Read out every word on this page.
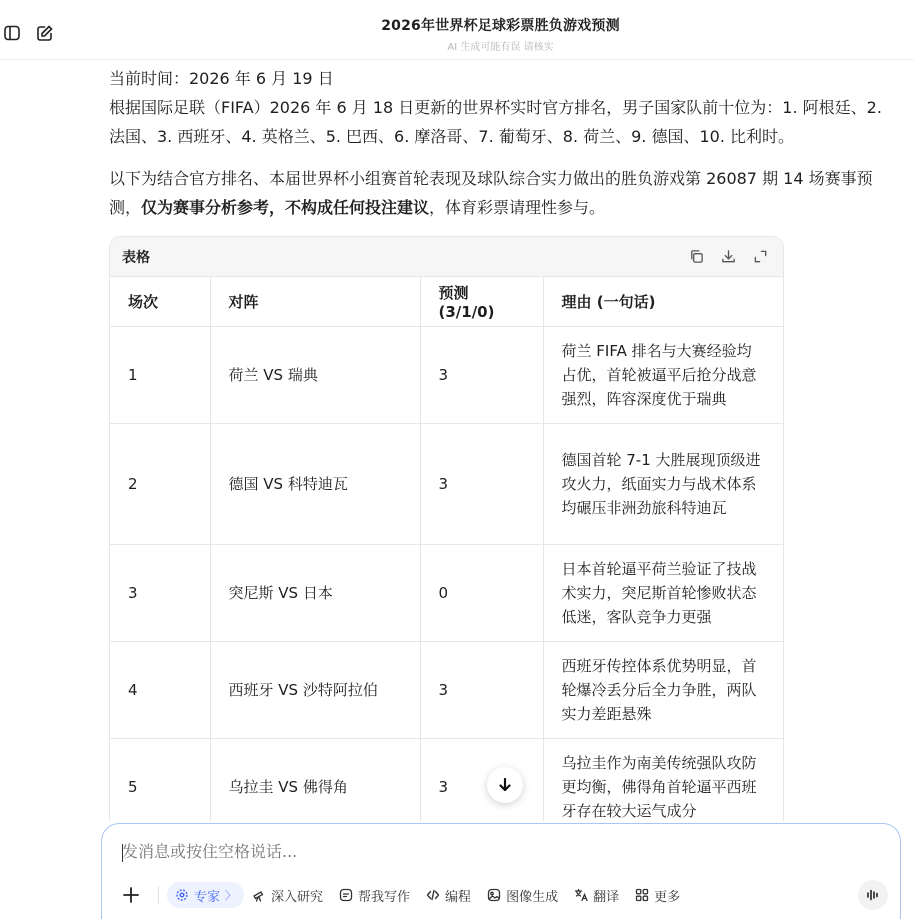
2026年世界杯足球彩票胜负游戏预测
AI 生成可能有误 请核实

当前时间：2026 年 6 月 19 日

根据国际足联（FIFA）2026 年 6 月 18 日更新的世界杯实时官方排名，男子国家队前十位为：1. 阿根廷、2. 法国、3. 西班牙、4. 英格兰、5. 巴西、6. 摩洛哥、7. 葡萄牙、8. 荷兰、9. 德国、10. 比利时。

以下为结合官方排名、本届世界杯小组赛首轮表现及球队综合实力做出的胜负游戏第 26087 期 14 场赛事预测，仅为赛事分析参考，不构成任何投注建议，体育彩票请理性参与。

表格
场次	对阵	预测 (3/1/0)	理由 (一句话)
1	荷兰 VS 瑞典	3	荷兰 FIFA 排名与大赛经验均占优，首轮被逼平后抢分战意强烈，阵容深度优于瑞典
2	德国 VS 科特迪瓦	3	德国首轮 7-1 大胜展现顶级进攻火力，纸面实力与战术体系均碾压非洲劲旅科特迪瓦
3	突尼斯 VS 日本	0	日本首轮逼平荷兰验证了技战术实力，突尼斯首轮惨败状态低迷，客队竞争力更强
4	西班牙 VS 沙特阿拉伯	3	西班牙传控体系优势明显，首轮爆冷丢分后全力争胜，两队实力差距悬殊
5	乌拉圭 VS 佛得角	3	乌拉圭作为南美传统强队攻防更均衡，佛得角首轮逼平西班牙存在较大运气成分
发消息或按住空格说话...
专家 〉	深入研究	帮我写作	编程	图像生成	翻译	更多
